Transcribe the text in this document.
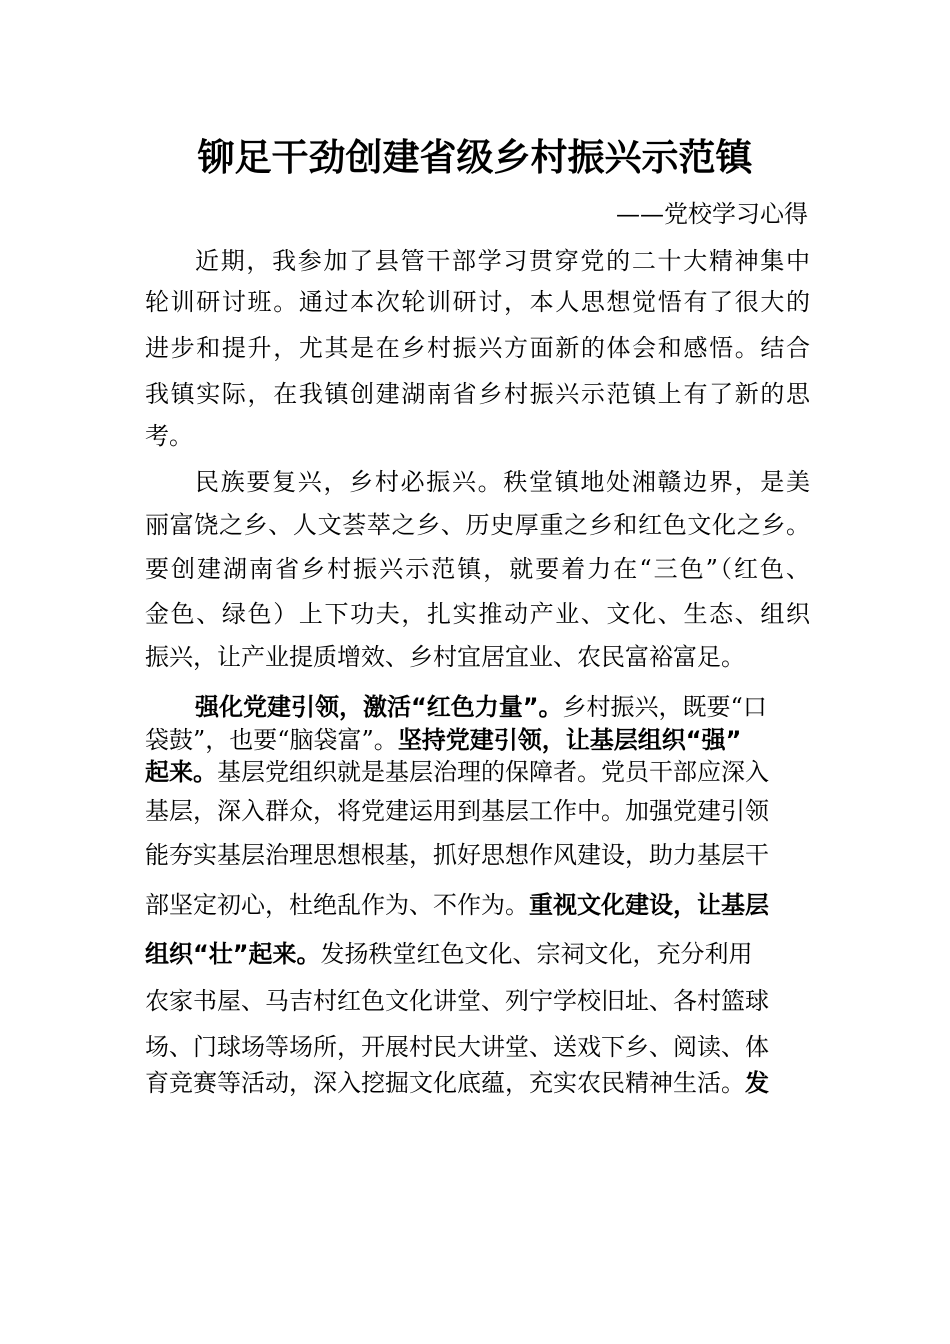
铆足干劲创建省级乡村振兴示范镇
——党校学习心得
近期，我参加了县管干部学习贯穿党的二十大精神集中
轮训研讨班。通过本次轮训研讨，本人思想觉悟有了很大的
进步和提升，尤其是在乡村振兴方面新的体会和感悟。结合
我镇实际，在我镇创建湖南省乡村振兴示范镇上有了新的思
考。
民族要复兴，乡村必振兴。秩堂镇地处湘赣边界，是美
丽富饶之乡、人文荟萃之乡、历史厚重之乡和红色文化之乡。
要创建湖南省乡村振兴示范镇，就要着力在“三色”（红色、
金色、绿色）上下功夫，扎实推动产业、文化、生态、组织
振兴，让产业提质增效、乡村宜居宜业、农民富裕富足。
强化党建引领，激活“红色力量”。乡村振兴，既要“口
袋鼓”，也要“脑袋富”。坚持党建引领，让基层组织“强”
起来。基层党组织就是基层治理的保障者。党员干部应深入
基层，深入群众，将党建运用到基层工作中。加强党建引领
能夯实基层治理思想根基，抓好思想作风建设，助力基层干
部坚定初心，杜绝乱作为、不作为。重视文化建设，让基层
组织“壮”起来。发扬秩堂红色文化、宗祠文化，充分利用
农家书屋、马吉村红色文化讲堂、列宁学校旧址、各村篮球
场、门球场等场所，开展村民大讲堂、送戏下乡、阅读、体
育竞赛等活动，深入挖掘文化底蕴，充实农民精神生活。发
